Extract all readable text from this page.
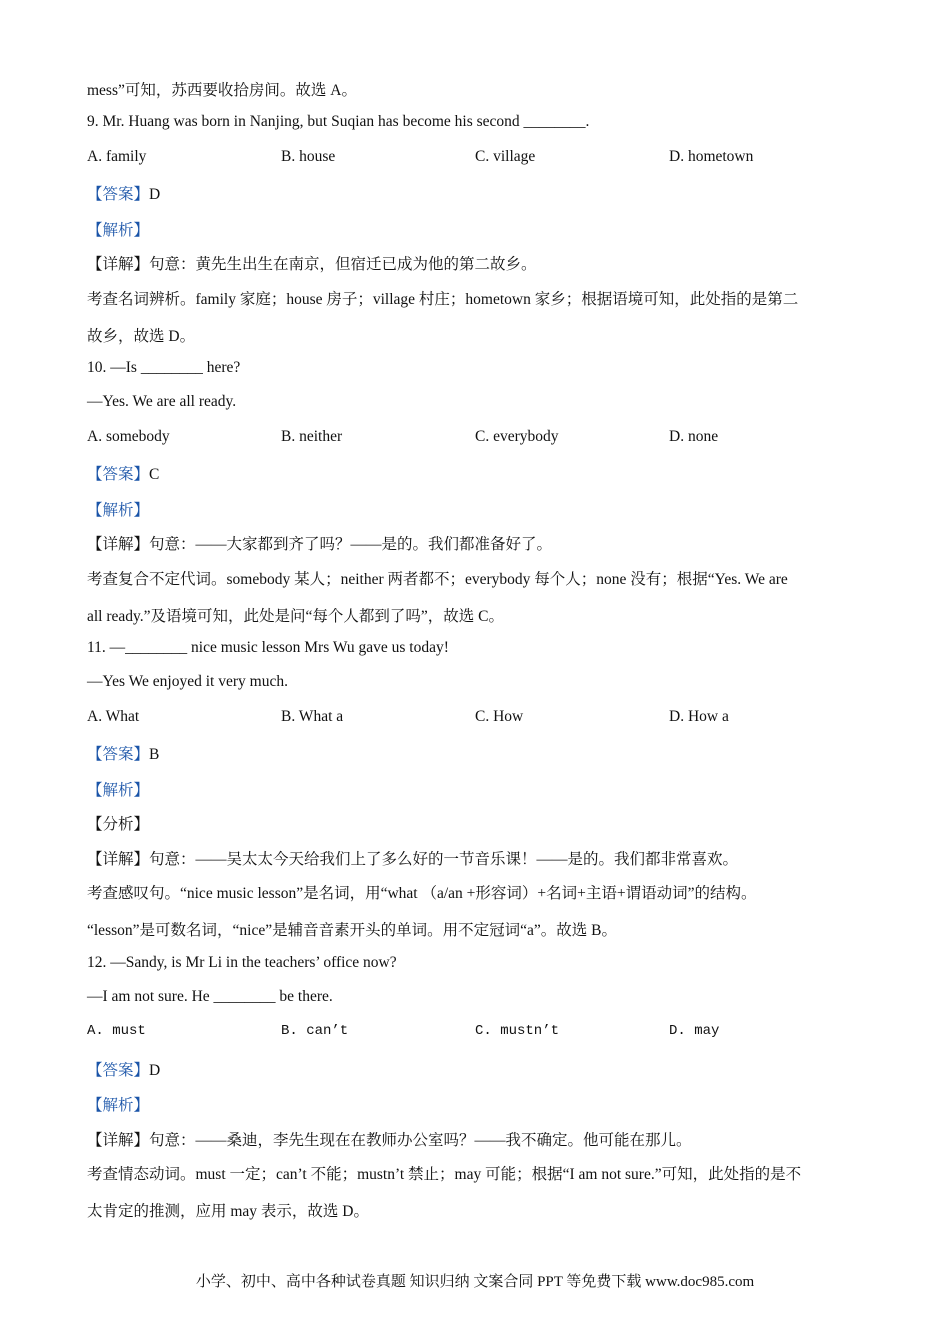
mess”可知，苏西要收拾房间。故选 A。
9. Mr. Huang was born in Nanjing, but Suqian has become his second ________.
A. family	B. house	C. village	D. hometown
【答案】D
【解析】
【详解】句意：黄先生出生在南京，但宿迁已成为他的第二故乡。
考查名词辨析。family 家庭；house 房子；village 村庄；hometown 家乡；根据语境可知，此处指的是第二
故乡，故选 D。
10. —Is ________ here?
—Yes. We are all ready.
A. somebody	B. neither	C. everybody	D. none
【答案】C
【解析】
【详解】句意：——大家都到齐了吗？——是的。我们都准备好了。
考查复合不定代词。somebody 某人；neither 两者都不；everybody 每个人；none 没有；根据“Yes. We are
all ready.”及语境可知，此处是问“每个人都到了吗”，故选 C。
11. —________ nice music lesson Mrs Wu gave us today!
—Yes We enjoyed it very much.
A. What	B. What a	C. How	D. How a
【答案】B
【解析】
【分析】
【详解】句意：——吴太太今天给我们上了多么好的一节音乐课！——是的。我们都非常喜欢。
考查感叹句。“nice music lesson”是名词，用“what （a/an +形容词）+名词+主语+谓语动词”的结构。
“lesson”是可数名词，“nice”是辅音音素开头的单词。用不定冠词“a”。故选 B。
12. —Sandy, is Mr Li in the teachers’ office now?
—I am not sure. He ________ be there.
A. must	B. can’t	C. mustn’t	D. may
【答案】D
【解析】
【详解】句意：——桑迪，李先生现在在教师办公室吗？——我不确定。他可能在那儿。
考查情态动词。must 一定；can’t 不能；mustn’t 禁止；may 可能；根据“I am not sure.”可知，此处指的是不
太肯定的推测，应用 may 表示，故选 D。
小学、初中、高中各种试卷真题 知识归纳 文案合同 PPT 等免费下载 www.doc985.com
